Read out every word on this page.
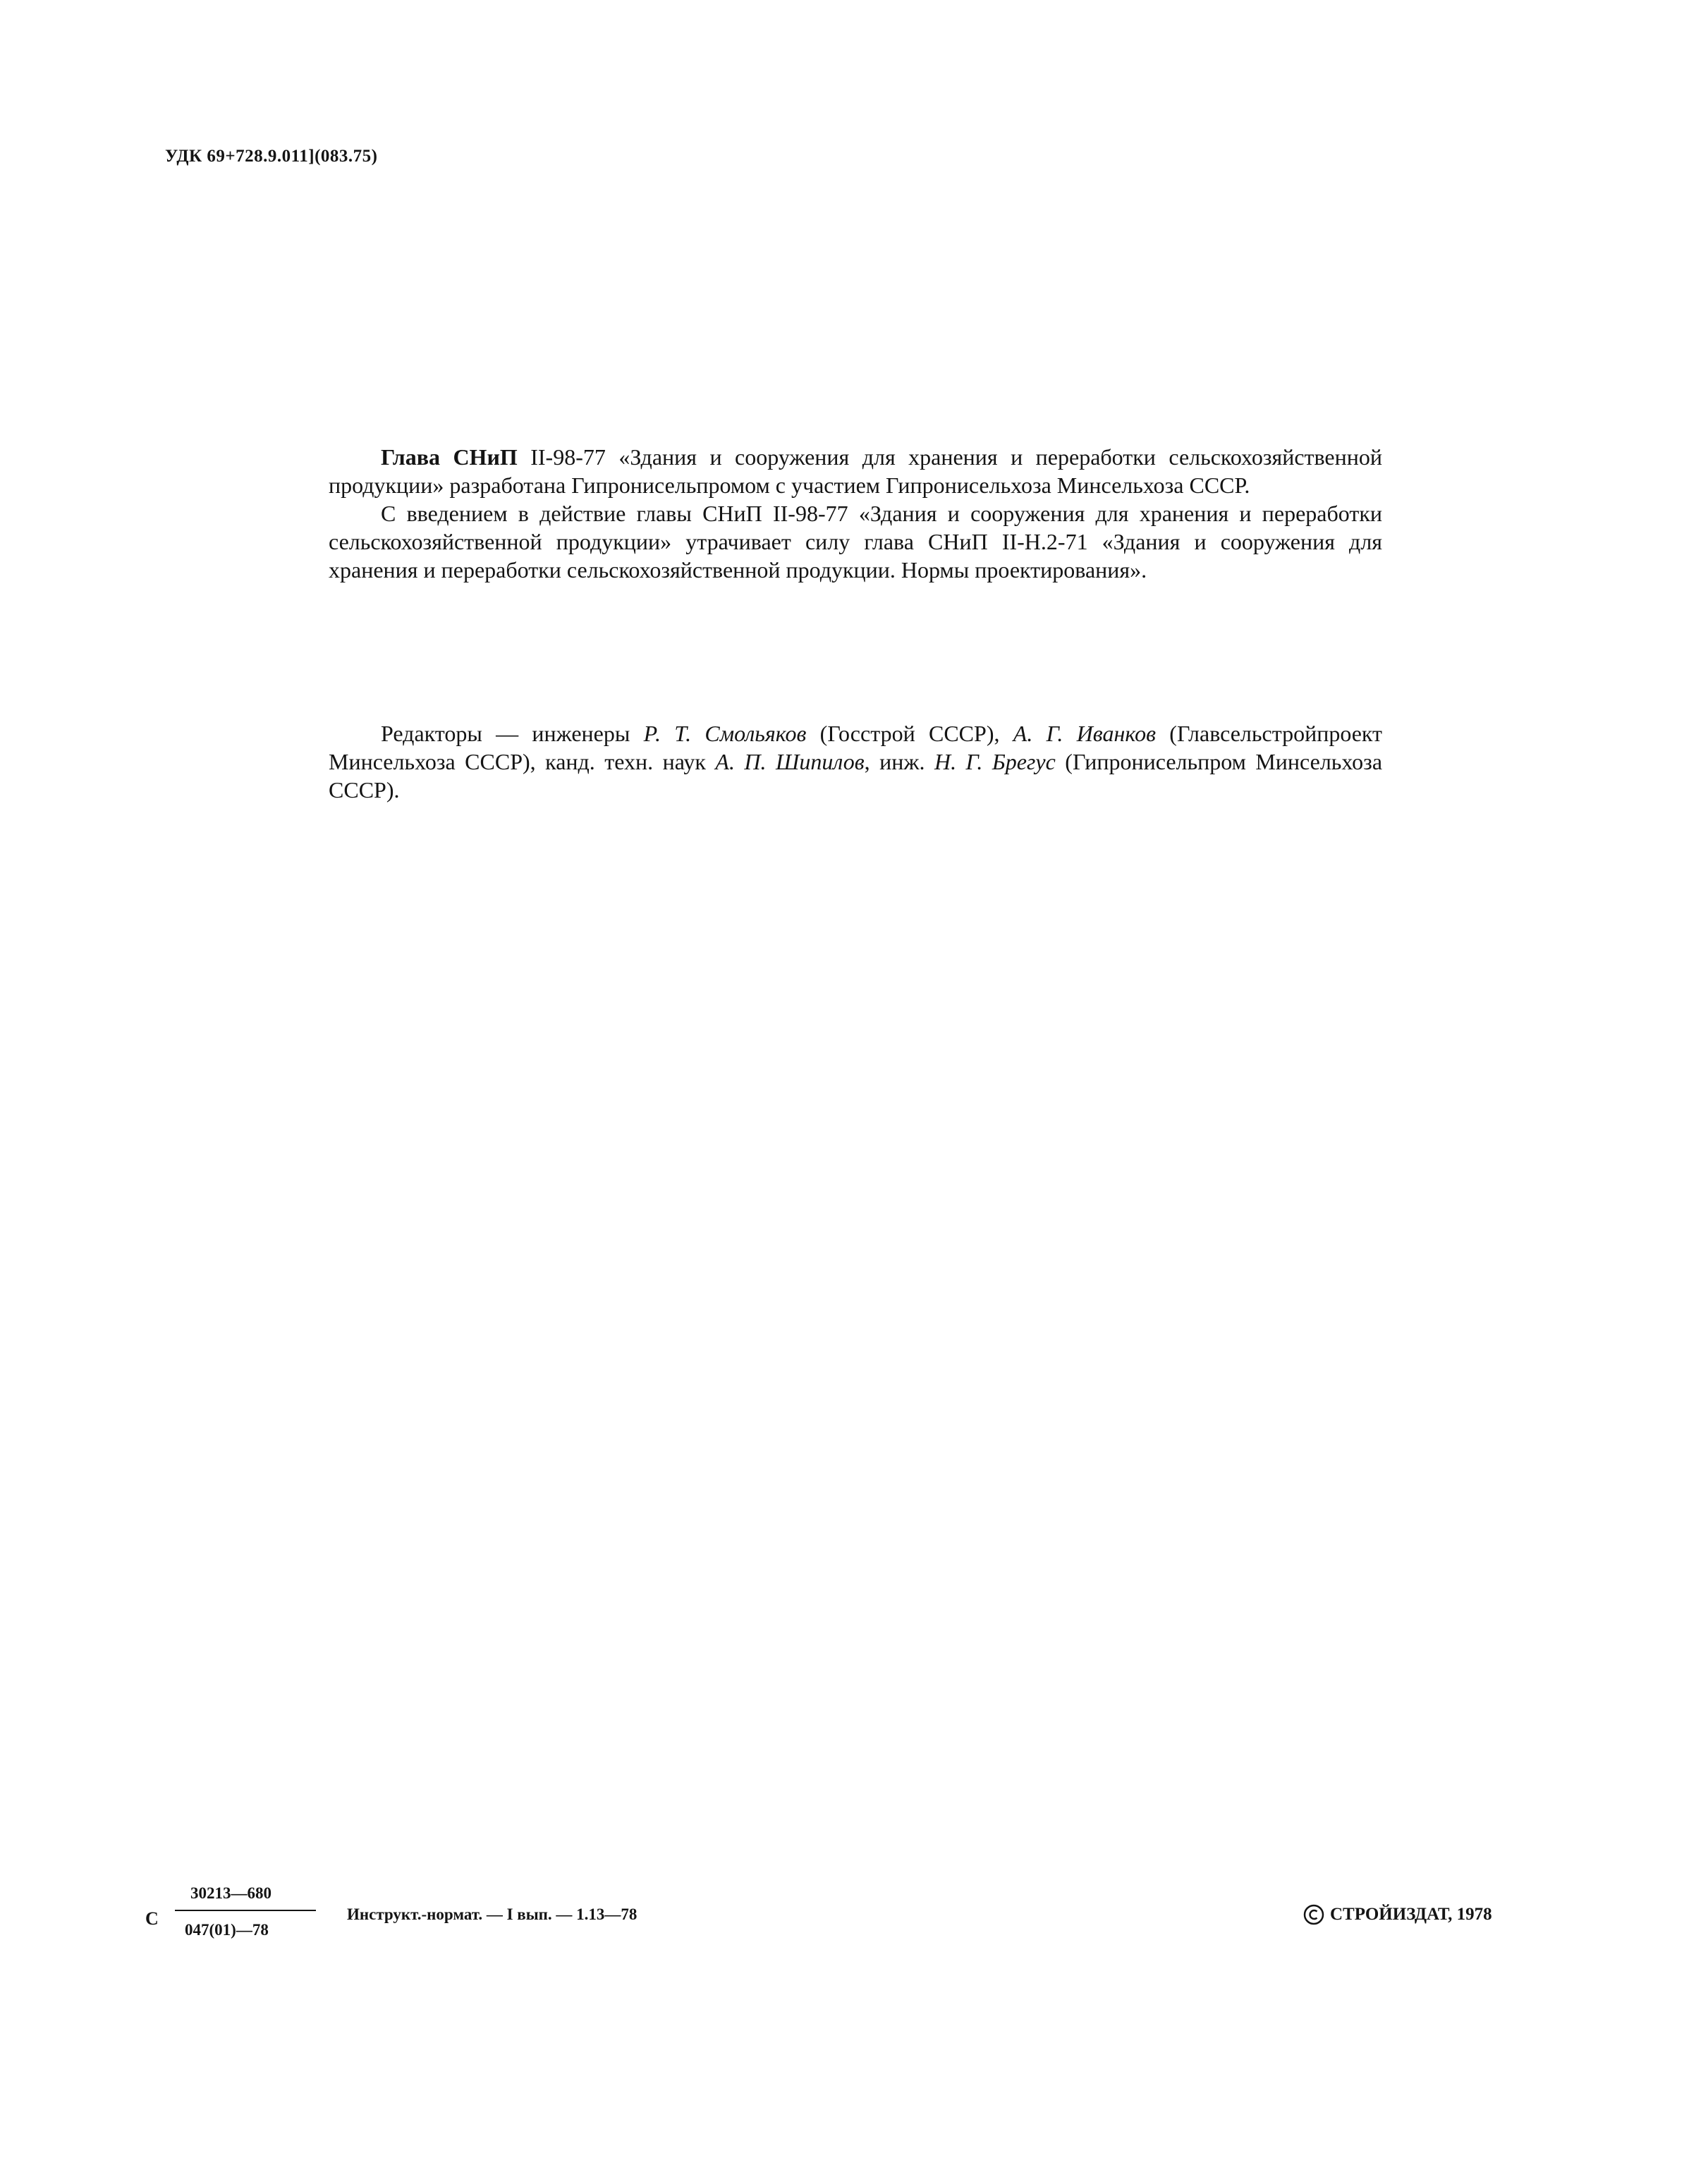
УДК 69+728.9.011](083.75)

Глава СНиП II-98-77 «Здания и сооружения для хранения и переработки сельскохозяйственной продукции» разработана Гипронисельпромом с участием Гипронисельхоза Минсельхоза СССР.

С введением в действие главы СНиП II-98-77 «Здания и сооружения для хранения и переработки сельскохозяйственной продукции» утрачивает силу глава СНиП II-Н.2-71 «Здания и сооружения для хранения и переработки сельскохозяйственной продукции. Нормы проектирования».

Редакторы — инженеры Р. Т. Смольяков (Госстрой СССР), А. Г. Иванков (Главсельстройпроект Минсельхоза СССР), канд. техн. наук А. П. Шипилов, инж. Н. Г. Брегус (Гипронисельпром Минсельхоза СССР).

С
30213—680
047(01)—78
Инструкт.-нормат. — I вып. — 1.13—78	СТРОЙИЗДАТ, 1978
